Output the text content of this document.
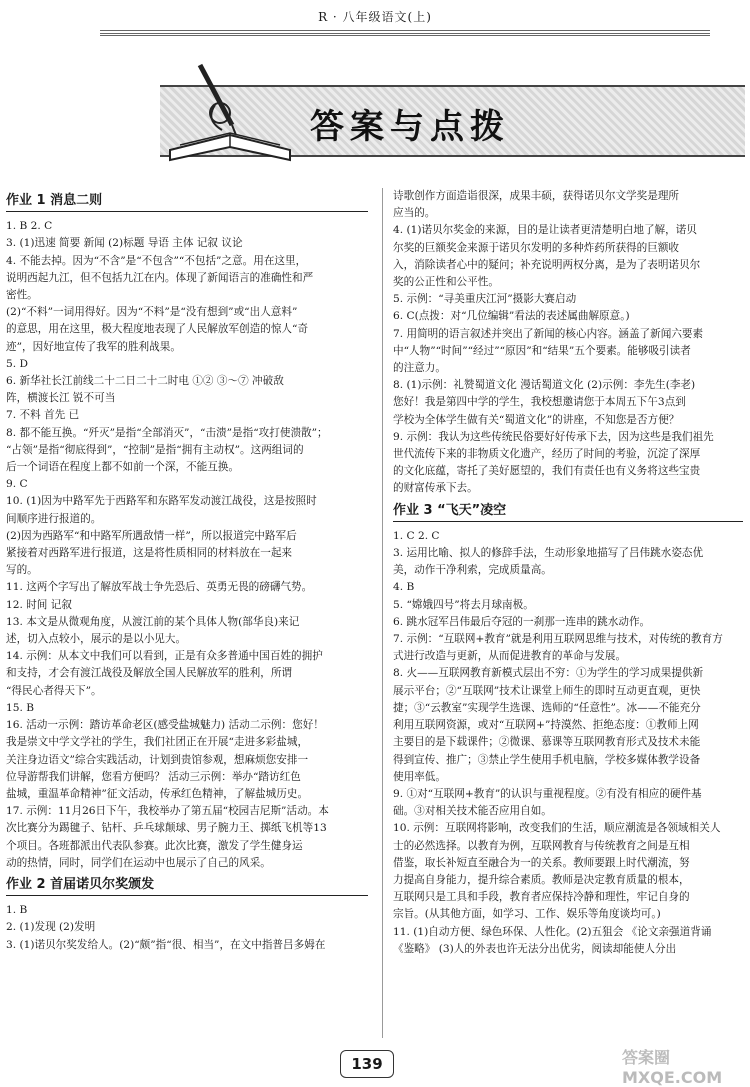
R · 八年级语文(上)
答案与点拨
作业 1 消息二则
1. B 2. C
3. (1)迅速 简要 新闻 (2)标题 导语 主体 记叙 议论
4. 不能去掉。因为“不含”是“不包含”“不包括”之意。用在这里，
说明西起九江，但不包括九江在内。体现了新闻语言的准确性和严
密性。
(2)“不料”一词用得好。因为“不料”是“没有想到”或“出人意料”
的意思，用在这里，极大程度地表现了人民解放军创造的惊人“奇
迹”，因好地宣传了我军的胜利战果。
5. D
6. 新华社长江前线二十二日二十二时电 ①② ③～⑦ 冲破敌
阵，横渡长江 锐不可当
7. 不料 首先 已
8. 都不能互换。“歼灭”是指“全部消灭”，“击溃”是指“攻打使溃散”；
“占领”是指“彻底得到”，“控制”是指“拥有主动权”。这两组词的
后一个词语在程度上都不如前一个深，不能互换。
9. C
10. (1)因为中路军先于西路军和东路军发动渡江战役，这是按照时
间顺序进行报道的。
(2)因为西路军“和中路军所遇敌情一样”，所以报道完中路军后
紧接着对西路军进行报道，这是将性质相同的材料放在一起来
写的。
11. 这两个字写出了解放军战士争先恐后、英勇无畏的磅礴气势。
12. 时间 记叙
13. 本文是从微观角度，从渡江前的某个具体人物(部华良)来记
述，切入点较小，展示的是以小见大。
14. 示例：从本文中我们可以看到，正是有众多普通中国百姓的拥护
和支持，才会有渡江战役及解放全国人民解放军的胜利，所谓
“得民心者得天下”。
15. B
16. 活动一示例：踏访革命老区(感受盐城魅力) 活动二示例：您好！
我是崇文中学文学社的学生，我们社团正在开展“走进多彩盐城，
关注身边语文”综合实践活动，计划到贵馆参观，想麻烦您安排一
位导游帮我们讲解，您看方便吗？ 活动三示例：举办“踏访红色
盐城，重温革命精神”征文活动，传承红色精神，了解盐城历史。
17. 示例：11月26日下午，我校举办了第五届“校园吉尼斯”活动。本
次比赛分为踢毽子、钻杆、乒乓球颠球、男子腕力王、掷纸飞机等13
个项目。各班都派出代表队参赛。此次比赛，激发了学生健身运
动的热情，同时，同学们在运动中也展示了自己的风采。
作业 2 首届诺贝尔奖颁发
1. B
2. (1)发现 (2)发明
3. (1)诺贝尔奖发给人。(2)“颇”指“很、相当”，在文中指普吕多姆在
诗歌创作方面造诣很深，成果丰硕，获得诺贝尔文学奖是理所
应当的。
4. (1)诺贝尔奖金的来源，目的是让读者更清楚明白地了解，诺贝
尔奖的巨额奖金来源于诺贝尔发明的多种炸药所获得的巨额收
入，消除读者心中的疑问；补充说明两权分离，是为了表明诺贝尔
奖的公正性和公平性。
5. 示例：“寻美重庆江河”摄影大赛启动
6. C(点拨：对“几位编辑”看法的表述属曲解原意。)
7. 用简明的语言叙述并突出了新闻的核心内容。涵盖了新闻六要素
中“人物”“时间”“经过”“原因”和“结果”五个要素。能够吸引读者
的注意力。
8. (1)示例：礼赞蜀道文化 漫话蜀道文化 (2)示例：李先生(李老)
您好！我是第四中学的学生，我校想邀请您于本周五下午3点到
学校为全体学生做有关“蜀道文化”的讲座，不知您是否方便？
9. 示例：我认为这些传统民俗要好好传承下去，因为这些是我们祖先
世代流传下来的非物质文化遗产，经历了时间的考验，沉淀了深厚
的文化底蕴，寄托了美好愿望的，我们有责任也有义务将这些宝贵
的财富传承下去。
作业 3 “飞天”凌空
1. C 2. C
3. 运用比喻、拟人的修辞手法，生动形象地描写了吕伟跳水姿态优
美，动作干净利索，完成质量高。
4. B
5. “嫦娥四号”将去月球南极。
6. 跳水冠军吕伟最后夺冠的一刹那一连串的跳水动作。
7. 示例：“互联网+教育”就是利用互联网思维与技术，对传统的教育方
式进行改造与更新，从而促进教育的革命与发展。
8. 火——互联网教育新模式层出不穷：①为学生的学习成果提供新
展示平台；②“互联网”技术让课堂上师生的即时互动更直观，更快
捷；③“云教室”实现学生选课、选师的“任意性”。冰——不能充分
利用互联网资源，或对“互联网+”持漠然、拒绝态度：①教师上网
主要目的是下载课件；②微课、慕课等互联网教育形式及技术未能
得到宣传、推广；③禁止学生使用手机电脑，学校多媒体教学设备
使用率低。
9. ①对“互联网+教育”的认识与重视程度。②有没有相应的硬件基
础。③对相关技术能否应用自如。
10. 示例：互联网将影响，改变我们的生活，顺应潮流是各领域相关人
士的必然选择。以教育为例，互联网教育与传统教育之间是互相
借鉴，取长补短直至融合为一的关系。教师要跟上时代潮流，努
力提高自身能力，提升综合素质。教师是决定教育质量的根本，
互联网只是工具和手段，教育者应保持冷静和理性，牢记自身的
宗旨。(从其他方面，如学习、工作、娱乐等角度谈均可。)
11. (1)自动方便、绿色环保、人性化。(2)五狙会 《论文亲强道背诵
《鉴略》 (3)人的外表也许无法分出优劣，阅读却能使人分出
139	答案圈 MXQE.COM
